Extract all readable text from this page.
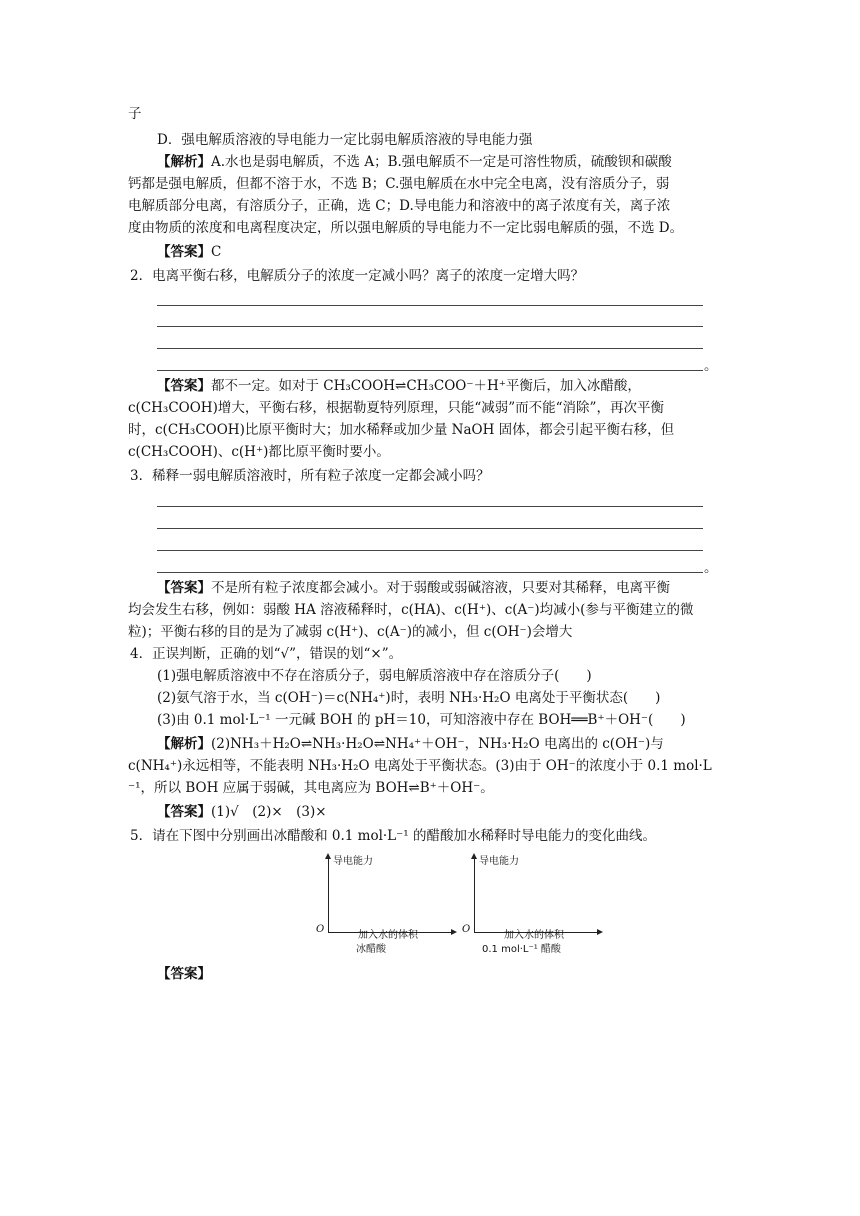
子
D．强电解质溶液的导电能力一定比弱电解质溶液的导电能力强
【解析】A.水也是弱电解质，不选 A；B.强电解质不一定是可溶性物质，硫酸钡和碳酸
钙都是强电解质，但都不溶于水，不选 B；C.强电解质在水中完全电离，没有溶质分子，弱
电解质部分电离，有溶质分子，正确，选 C；D.导电能力和溶液中的离子浓度有关，离子浓
度由物质的浓度和电离程度决定，所以强电解质的导电能力不一定比弱电解质的强，不选 D。
【答案】C
2．电离平衡右移，电解质分子的浓度一定减小吗？离子的浓度一定增大吗？
。
【答案】都不一定。如对于 CH₃COOH⇌CH₃COO⁻＋H⁺平衡后，加入冰醋酸，
c(CH₃COOH)增大，平衡右移，根据勒夏特列原理，只能“减弱”而不能“消除”，再次平衡
时，c(CH₃COOH)比原平衡时大；加水稀释或加少量 NaOH 固体，都会引起平衡右移，但
c(CH₃COOH)、c(H⁺)都比原平衡时要小。
3．稀释一弱电解质溶液时，所有粒子浓度一定都会减小吗？
。
【答案】不是所有粒子浓度都会减小。对于弱酸或弱碱溶液，只要对其稀释，电离平衡
均会发生右移，例如：弱酸 HA 溶液稀释时，c(HA)、c(H⁺)、c(A⁻)均减小(参与平衡建立的微
粒)；平衡右移的目的是为了减弱 c(H⁺)、c(A⁻)的减小，但 c(OH⁻)会增大
4．正误判断，正确的划“√”，错误的划“×”。
(1)强电解质溶液中不存在溶质分子，弱电解质溶液中存在溶质分子(　　)
(2)氨气溶于水，当 c(OH⁻)＝c(NH₄⁺)时，表明 NH₃·H₂O 电离处于平衡状态(　　)
(3)由 0.1 mol·L⁻¹ 一元碱 BOH 的 pH＝10，可知溶液中存在 BOH══B⁺＋OH⁻(　　)
【解析】(2)NH₃＋H₂O⇌NH₃·H₂O⇌NH₄⁺＋OH⁻，NH₃·H₂O 电离出的 c(OH⁻)与
c(NH₄⁺)永远相等，不能表明 NH₃·H₂O 电离处于平衡状态。(3)由于 OH⁻的浓度小于 0.1 mol·L
⁻¹，所以 BOH 应属于弱碱，其电离应为 BOH⇌B⁺＋OH⁻。
【答案】(1)√　(2)×　(3)×
5．请在下图中分别画出冰醋酸和 0.1 mol·L⁻¹ 的醋酸加水稀释时导电能力的变化曲线。
【答案】
导电能力
O
加入水的体积
冰醋酸
导电能力
O
加入水的体积
0.1 mol·L⁻¹ 醋酸
